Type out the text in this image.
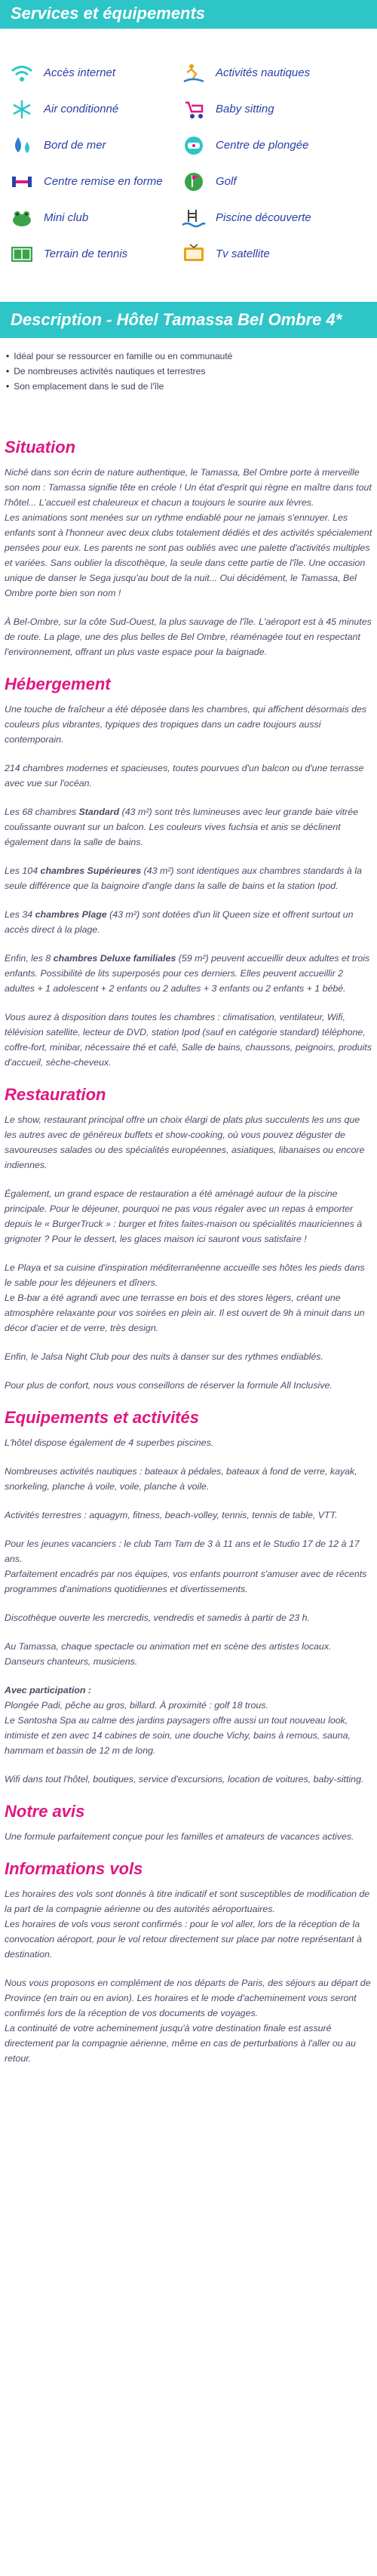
Services et équipements
Accès internet	Activités nautiques
Air conditionné	Baby sitting
Bord de mer	Centre de plongée
Centre remise en forme	Golf
Mini club	Piscine découverte
Terrain de tennis	Tv satellite
Description - Hôtel Tamassa Bel Ombre 4*
• Idéal pour se ressourcer en famille ou en communauté
• De nombreuses activités nautiques et terrestres
• Son emplacement dans le sud de l'île
Situation

Niché dans son écrin de nature authentique, le Tamassa, Bel Ombre porte à merveille son nom : Tamassa signifie tête en créole ! Un état d'esprit qui règne en maître dans tout l'hôtel... L'accueil est chaleureux et chacun a toujours le sourire aux lèvres.
Les animations sont menées sur un rythme endiablé pour ne jamais s'ennuyer. Les enfants sont à l'honneur avec deux clubs totalement dédiés et des activités spécialement pensées pour eux. Les parents ne sont pas oubliés avec une palette d'activités multiples et variées. Sans oublier la discothèque, la seule dans cette partie de l'île. Une occasion unique de danser le Sega jusqu'au bout de la nuit... Oui décidément, le Tamassa, Bel Ombre porte bien son nom !

À Bel-Ombre, sur la côte Sud-Ouest, la plus sauvage de l'île. L'aéroport est à 45 minutes de route. La plage, une des plus belles de Bel Ombre, réaménagée tout en respectant l'environnement, offrant un plus vaste espace pour la baignade.

Hébergement

Une touche de fraîcheur a été déposée dans les chambres, qui affichent désormais des couleurs plus vibrantes, typiques des tropiques dans un cadre toujours aussi contemporain.

214 chambres modernes et spacieuses, toutes pourvues d'un balcon ou d'une terrasse avec vue sur l'océan.

Les 68 chambres Standard (43 m²) sont très lumineuses avec leur grande baie vitrée coulissante ouvrant sur un balcon. Les couleurs vives fuchsia et anis se déclinent également dans la salle de bains.

Les 104 chambres Supérieures (43 m²) sont identiques aux chambres standards à la seule différence que la baignoire d'angle dans la salle de bains et la station Ipod.

Les 34 chambres Plage (43 m²) sont dotées d'un lit Queen size et offrent surtout un accès direct à la plage.

Enfin, les 8 chambres Deluxe familiales (59 m²) peuvent accueillir deux adultes et trois enfants. Possibilité de lits superposés pour ces derniers. Elles peuvent accueillir 2 adultes + 1 adolescent + 2 enfants ou 2 adultes + 3 enfants ou 2 enfants + 1 bébé.

Vous aurez à disposition dans toutes les chambres : climatisation, ventilateur, Wifi, télévision satellite, lecteur de DVD, station Ipod (sauf en catégorie standard) téléphone, coffre-fort, minibar, nécessaire thé et café, Salle de bains, chaussons, peignoirs, produits d'accueil, sèche-cheveux.

Restauration

Le show, restaurant principal offre un choix élargi de plats plus succulents les uns que les autres avec de généreux buffets et show-cooking, où vous pouvez déguster de savoureuses salades ou des spécialités européennes, asiatiques, libanaises ou encore indiennes.

Également, un grand espace de restauration a été aménagé autour de la piscine principale. Pour le déjeuner, pourquoi ne pas vous régaler avec un repas à emporter depuis le « BurgerTruck » : burger et frites faites-maison ou spécialités mauriciennes à grignoter ? Pour le dessert, les glaces maison ici sauront vous satisfaire !

Le Playa et sa cuisine d'inspiration méditerranéenne accueille ses hôtes les pieds dans le sable pour les déjeuners et dîners.
Le B-bar a été agrandi avec une terrasse en bois et des stores légers, créant une atmosphère relaxante pour vos soirées en plein air. Il est ouvert de 9h à minuit dans un décor d'acier et de verre, très design.

Enfin, le Jalsa Night Club pour des nuits à danser sur des rythmes endiablés.

Pour plus de confort, nous vous conseillons de réserver la formule All Inclusive.

Equipements et activités

L'hôtel dispose également de 4 superbes piscines.

Nombreuses activités nautiques : bateaux à pédales, bateaux à fond de verre, kayak, snorkeling, planche à voile, voile, planche à voile.

Activités terrestres : aquagym, fitness, beach-volley, tennis, tennis de table, VTT.

Pour les jeunes vacanciers : le club Tam Tam de 3 à 11 ans et le Studio 17 de 12 à 17 ans.
Parfaitement encadrés par nos équipes, vos enfants pourront s'amuser avec de récents programmes d'animations quotidiennes et divertissements.

Discothèque ouverte les mercredis, vendredis et samedis à partir de 23 h.

Au Tamassa, chaque spectacle ou animation met en scène des artistes locaux. Danseurs chanteurs, musiciens.

Avec participation :
Plongée Padi, pêche au gros, billard. À proximité : golf 18 trous.
Le Santosha Spa au calme des jardins paysagers offre aussi un tout nouveau look, intimiste et zen avec 14 cabines de soin, une douche Vichy, bains à remous, sauna, hammam et bassin de 12 m de long.

Wifi dans tout l'hôtel, boutiques, service d'excursions, location de voitures, baby-sitting.

Notre avis

Une formule parfaitement conçue pour les familles et amateurs de vacances actives.

Informations vols

Les horaires des vols sont donnés à titre indicatif et sont susceptibles de modification de la part de la compagnie aérienne ou des autorités aéroportuaires.
Les horaires de vols vous seront confirmés : pour le vol aller, lors de la réception de la convocation aéroport, pour le vol retour directement sur place par notre représentant à destination.

Nous vous proposons en complément de nos départs de Paris, des séjours au départ de Province (en train ou en avion). Les horaires et le mode d'acheminement vous seront confirmés lors de la réception de vos documents de voyages.
La continuité de votre acheminement jusqu'à votre destination finale est assuré directement par la compagnie aérienne, même en cas de perturbations à l'aller ou au retour.
